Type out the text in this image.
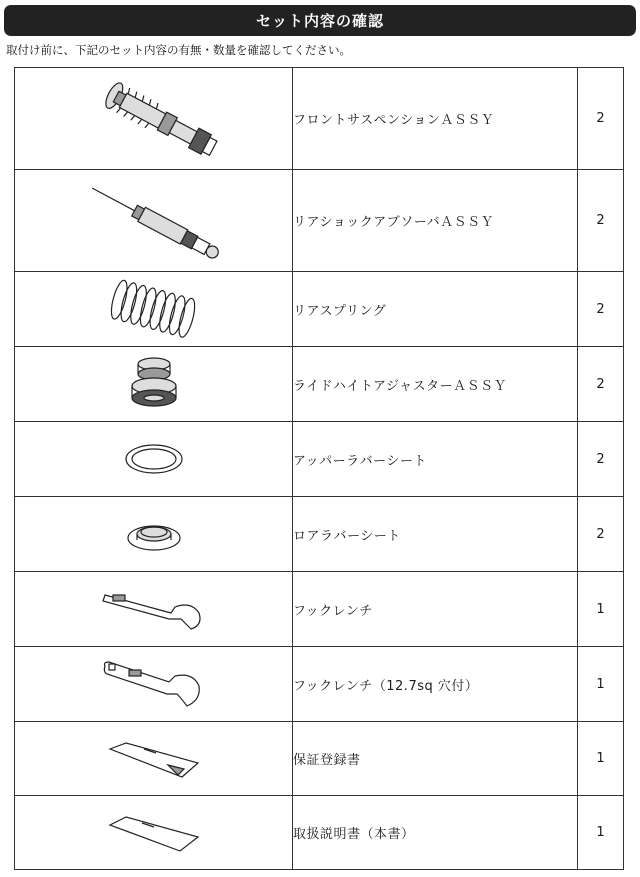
セット内容の確認
取付け前に、下記のセット内容の有無・数量を確認してください。
	フロントサスペンションＡＳＳＹ	2

	リアショックアブソーバＡＳＳＹ	2

	リアスプリング	2

	ライドハイトアジャスターＡＳＳＹ	2

	アッパーラバーシート	2

	ロアラバーシート	2

	フックレンチ	1

	フックレンチ（12.7sq 穴付）	1

	保証登録書	1

	取扱説明書（本書）	1
